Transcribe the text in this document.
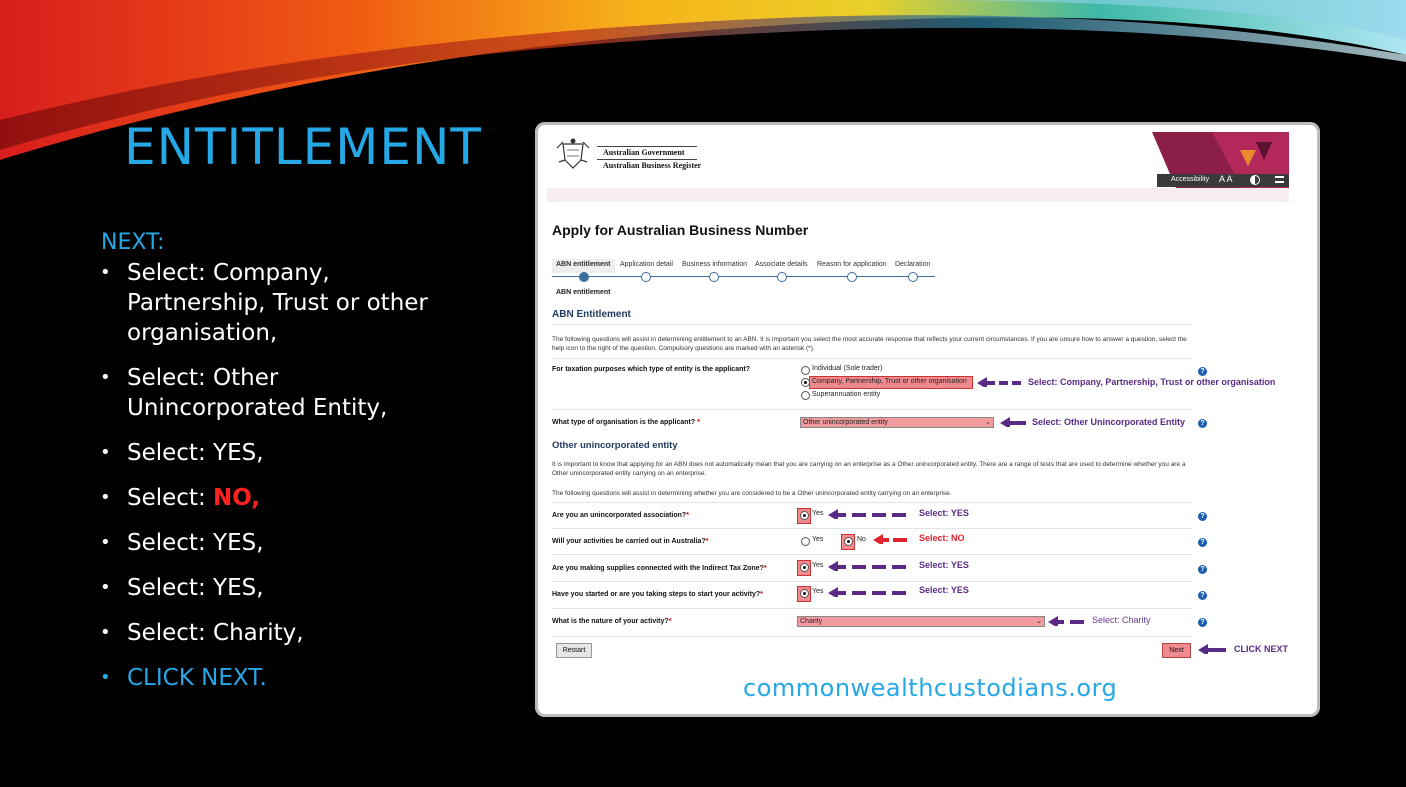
ENTITLEMENT
NEXT:
• Select: Company, Partnership, Trust or other organisation,
• Select: Other Unincorporated Entity,
• Select: YES,
• Select: NO,
• Select: YES,
• Select: YES,
• Select: Charity,
• CLICK NEXT.
Australian Government
Australian Business Register
Accessibility A A
Apply for Australian Business Number
ABN entitlement Application detail Business information Associate details Reason for application Declaration
ABN entitlement
ABN Entitlement
The following questions will assist in determining entitlement to an ABN. It is important you select the most accurate response that reflects your current circumstances. If you are unsure how to answer a question, select the help icon to the right of the question. Compulsory questions are marked with an asterisk (*).
For taxation purposes which type of entity is the applicant?	Individual (Sole trader)
Company, Partnership, Trust or other organisation
Superannuation entity
?
Select: Company, Partnership, Trust or other organisation
What type of organisation is the applicant? *	Other unincorporated entity	⌄	Select: Other Unincorporated Entity	?
Other unincorporated entity
It is important to know that applying for an ABN does not automatically mean that you are carrying on an enterprise as a Other unincorporated entity. There are a range of tests that are used to determine whether you are a Other unincorporated entity carrying on an enterprise.
The following questions will assist in determining whether you are considered to be a Other unincorporated entity carrying on an enterprise.
Are you an unincorporated association?*	Yes	Select: YES	?
Will your activities be carried out in Australia?*	Yes	No	Select: NO	?
Are you making supplies connected with the Indirect Tax Zone?*	Yes	Select: YES	?
Have you started or are you taking steps to start your activity?*	Yes	Select: YES
?
What is the nature of your activity?*	Charity	⌄	Select: Charity	?
Restart	Next	CLICK NEXT
commonwealthcustodians.org
